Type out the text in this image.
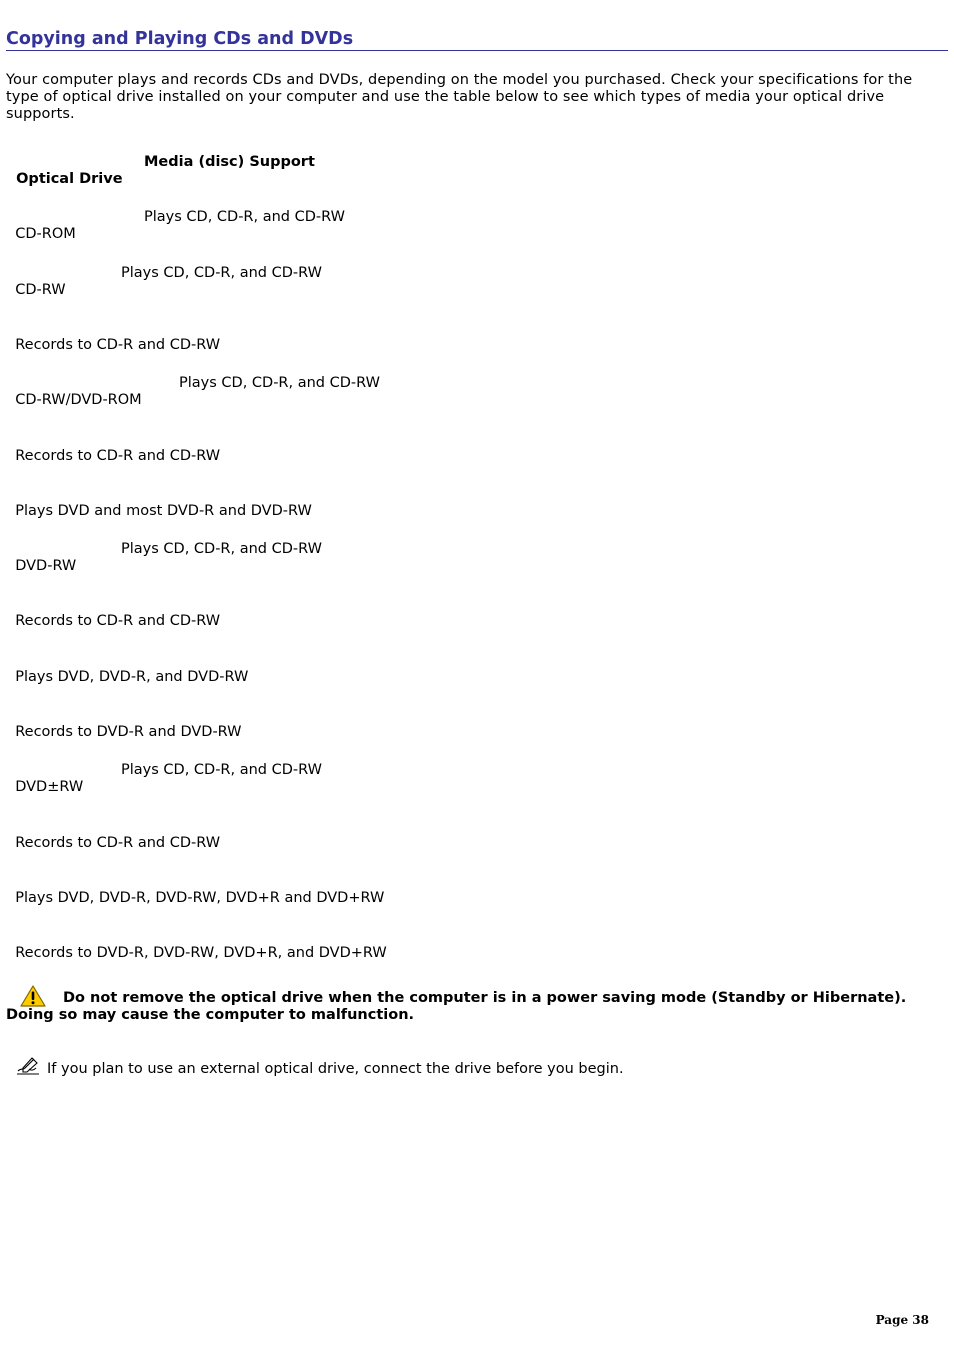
Copying and Playing CDs and DVDs

Your computer plays and records CDs and DVDs, depending on the model you purchased. Check your specifications for the type of optical drive installed on your computer and use the table below to see which types of media your optical drive supports.

Optical Drive

Media (disc) Support

CD-ROM

Plays CD, CD-R, and CD-RW

CD-RW

Plays CD, CD-R, and CD-RW

Records to CD-R and CD-RW

CD-RW/DVD-ROM

Plays CD, CD-R, and CD-RW

Records to CD-R and CD-RW

Plays DVD and most DVD-R and DVD-RW

DVD-RW

Plays CD, CD-R, and CD-RW

Records to CD-R and CD-RW

Plays DVD, DVD-R, and DVD-RW

Records to DVD-R and DVD-RW

DVD±RW

Plays CD, CD-R, and CD-RW

Records to CD-R and CD-RW

Plays DVD, DVD-R, DVD-RW, DVD+R and DVD+RW

Records to DVD-R, DVD-RW, DVD+R, and DVD+RW

Do not remove the optical drive when the computer is in a power saving mode (Standby or Hibernate). Doing so may cause the computer to malfunction.

If you plan to use an external optical drive, connect the drive before you begin.

Page 38
